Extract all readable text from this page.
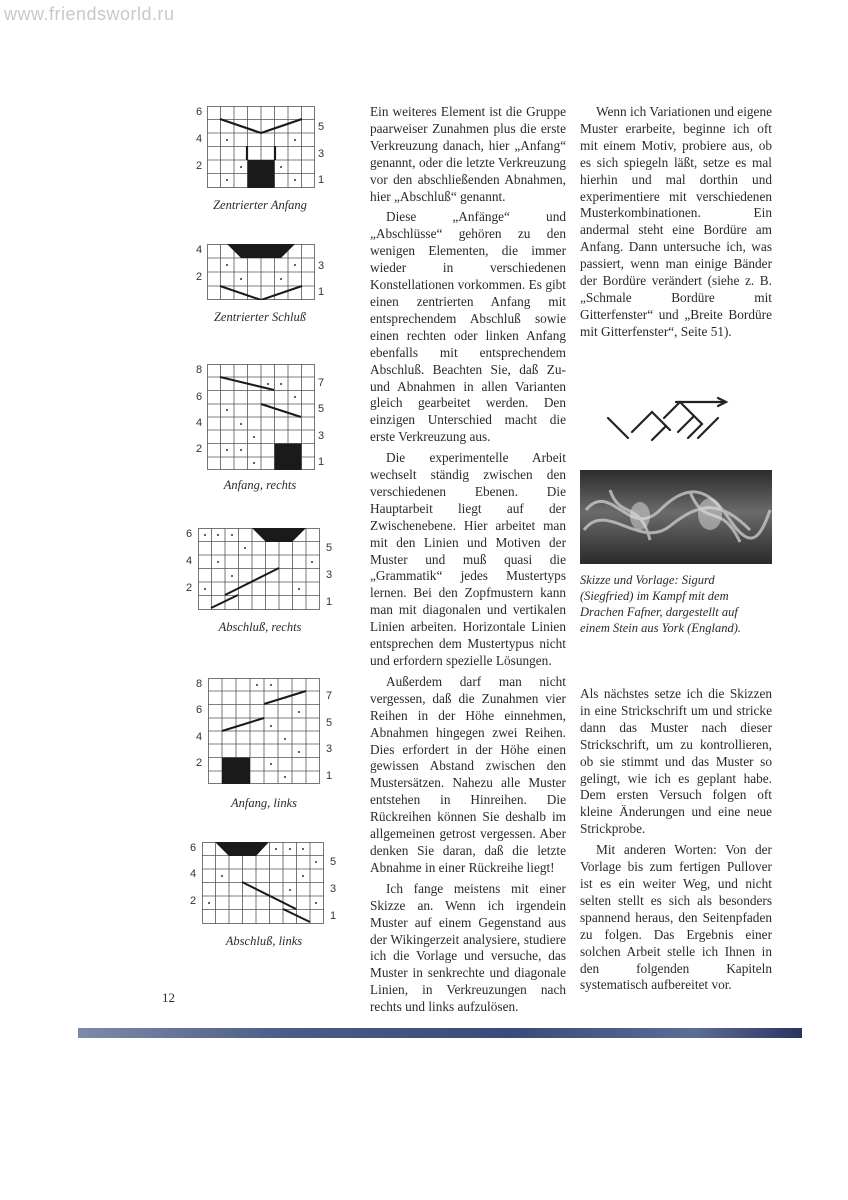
www.friendsworld.ru
6
4
2
5
3
1
Zentrierter Anfang
4
2
3
1
Zentrierter Schluß
8
6
4
2
7
5
3
1
Anfang, rechts
6
4
2
5
3
1
Abschluß, rechts
8
6
4
2
7
5
3
1
Anfang, links
6
4
2
5
3
1
Abschluß, links

Ein weiteres Element ist die Gruppe paarweiser Zunahmen plus die erste Verkreuzung danach, hier „Anfang“ genannt, oder die letzte Verkreuzung vor den abschließenden Abnahmen, hier „Abschluß“ genannt.

Diese „Anfänge“ und „Abschlüsse“ gehören zu den wenigen Elementen, die immer wieder in verschiedenen Konstellationen vorkommen. Es gibt einen zentrierten Anfang mit entsprechendem Abschluß sowie einen rechten oder linken Anfang ebenfalls mit entsprechendem Abschluß. Beachten Sie, daß Zu- und Abnahmen in allen Varianten gleich gearbeitet werden. Den einzigen Unterschied macht die erste Verkreuzung aus.

Die experimentelle Arbeit wechselt ständig zwischen den verschiedenen Ebenen. Die Hauptarbeit liegt auf der Zwischenebene. Hier arbeitet man mit den Linien und Motiven der Muster und muß quasi die „Grammatik“ jedes Mustertyps lernen. Bei den Zopfmustern kann man mit diagonalen und vertikalen Linien arbeiten. Horizontale Linien entsprechen dem Mustertypus nicht und erfordern spezielle Lösungen.

Außerdem darf man nicht vergessen, daß die Zunahmen vier Reihen in der Höhe einnehmen, Abnahmen hingegen zwei Reihen. Dies erfordert in der Höhe einen gewissen Abstand zwischen den Mustersätzen. Nahezu alle Muster entstehen in Hinreihen. Die Rückreihen können Sie deshalb im allgemeinen getrost vergessen. Aber denken Sie daran, daß die letzte Abnahme in einer Rückreihe liegt!

Ich fange meistens mit einer Skizze an. Wenn ich irgendein Muster auf einem Gegenstand aus der Wikingerzeit analysiere, studiere ich die Vorlage und versuche, das Muster in senkrechte und diagonale Linien, in Verkreuzungen nach rechts und links aufzulösen.

Wenn ich Variationen und eigene Muster erarbeite, beginne ich oft mit einem Motiv, probiere aus, ob es sich spiegeln läßt, setze es mal hierhin und mal dorthin und experimentiere mit verschiedenen Musterkombinationen. Ein andermal steht eine Bordüre am Anfang. Dann untersuche ich, was passiert, wenn man einige Bänder der Bordüre verändert (siehe z. B. „Schmale Bordüre mit Gitterfenster“ und „Breite Bordüre mit Gitterfenster“, Seite 51).

Skizze und Vorlage: Sigurd (Siegfried) im Kampf mit dem Drachen Fafner, dargestellt auf einem Stein aus York (England).

Als nächstes setze ich die Skizzen in eine Strickschrift um und stricke dann das Muster nach dieser Strickschrift, um zu kontrollieren, ob sie stimmt und das Muster so gelingt, wie ich es geplant habe. Dem ersten Versuch folgen oft kleine Änderungen und eine neue Strickprobe.

Mit anderen Worten: Von der Vorlage bis zum fertigen Pullover ist es ein weiter Weg, und nicht selten stellt es sich als besonders spannend heraus, den Seitenpfaden zu folgen. Das Ergebnis einer solchen Arbeit stelle ich Ihnen in den folgenden Kapiteln systematisch aufbereitet vor.

12
